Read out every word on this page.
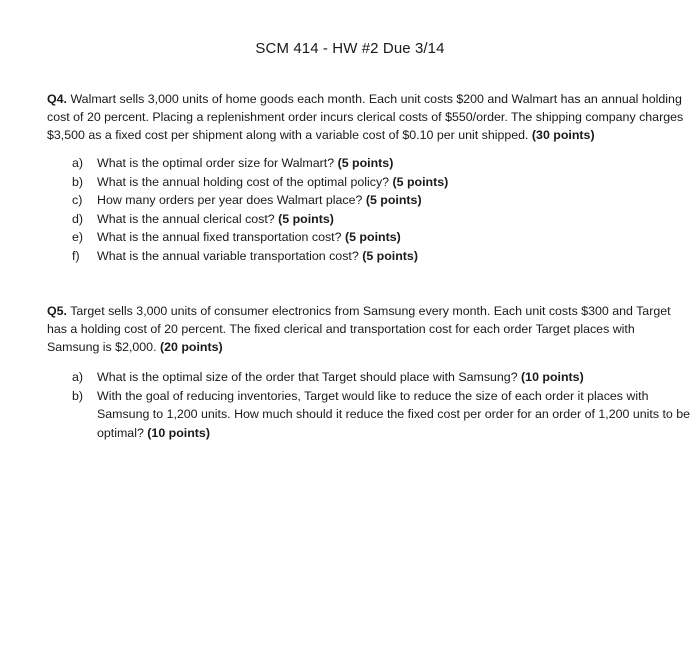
SCM 414 - HW #2 Due 3/14
Q4. Walmart sells 3,000 units of home goods each month. Each unit costs $200 and Walmart has an annual holding cost of 20 percent. Placing a replenishment order incurs clerical costs of $550/order. The shipping company charges $3,500 as a fixed cost per shipment along with a variable cost of $0.10 per unit shipped. (30 points)
a)	What is the optimal order size for Walmart? (5 points)
b)	What is the annual holding cost of the optimal policy? (5 points)
c)	How many orders per year does Walmart place? (5 points)
d)	What is the annual clerical cost? (5 points)
e)	What is the annual fixed transportation cost? (5 points)
f)	What is the annual variable transportation cost? (5 points)
Q5. Target sells 3,000 units of consumer electronics from Samsung every month. Each unit costs $300 and Target has a holding cost of 20 percent. The fixed clerical and transportation cost for each order Target places with Samsung is $2,000. (20 points)
a)	What is the optimal size of the order that Target should place with Samsung? (10 points)
b)	With the goal of reducing inventories, Target would like to reduce the size of each order it places with Samsung to 1,200 units. How much should it reduce the fixed cost per order for an order of 1,200 units to be optimal? (10 points)
